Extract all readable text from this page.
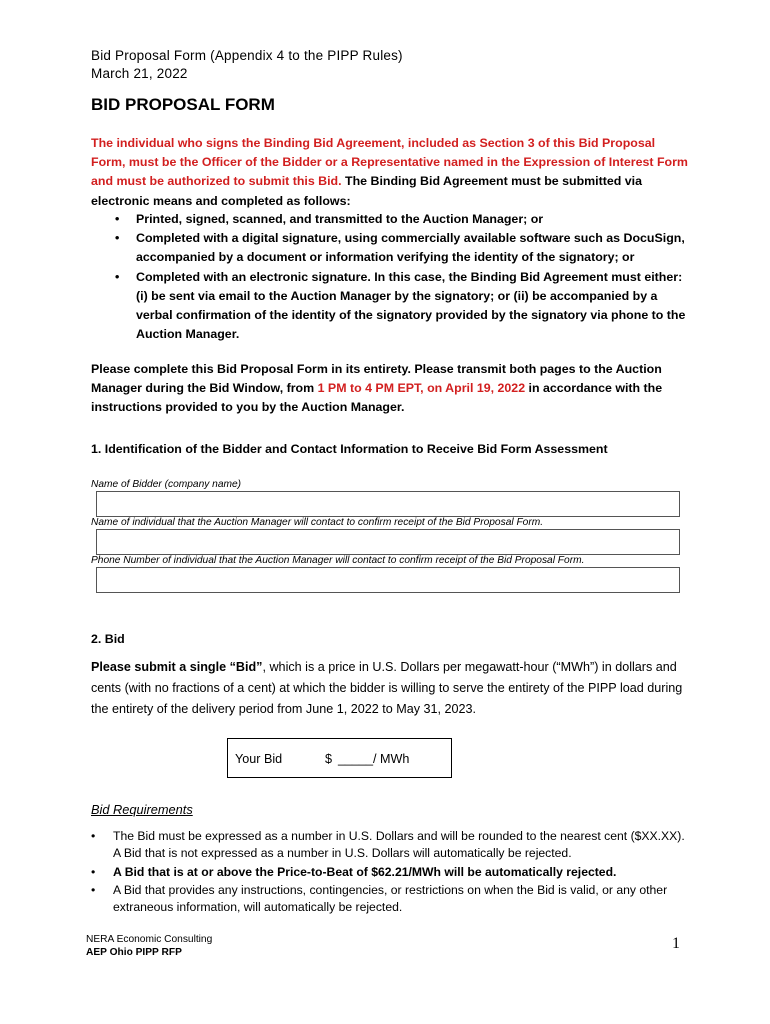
Bid Proposal Form (Appendix 4 to the PIPP Rules)
March 21, 2022
BID PROPOSAL FORM
The individual who signs the Binding Bid Agreement, included as Section 3 of this Bid Proposal Form, must be the Officer of the Bidder or a Representative named in the Expression of Interest Form and must be authorized to submit this Bid. The Binding Bid Agreement must be submitted via electronic means and completed as follows:
•	Printed, signed, scanned, and transmitted to the Auction Manager; or
•	Completed with a digital signature, using commercially available software such as DocuSign, accompanied by a document or information verifying the identity of the signatory; or
•	Completed with an electronic signature. In this case, the Binding Bid Agreement must either: (i) be sent via email to the Auction Manager by the signatory; or (ii) be accompanied by a verbal confirmation of the identity of the signatory provided by the signatory via phone to the Auction Manager.
Please complete this Bid Proposal Form in its entirety. Please transmit both pages to the Auction Manager during the Bid Window, from 1 PM to 4 PM EPT, on April 19, 2022 in accordance with the instructions provided to you by the Auction Manager.
1. Identification of the Bidder and Contact Information to Receive Bid Form Assessment
Name of Bidder (company name)
Name of individual that the Auction Manager will contact to confirm receipt of the Bid Proposal Form.
Phone Number of individual that the Auction Manager will contact to confirm receipt of the Bid Proposal Form.
2. Bid
Please submit a single “Bid”, which is a price in U.S. Dollars per megawatt-hour (“MWh”) in dollars and cents (with no fractions of a cent) at which the bidder is willing to serve the entirety of the PIPP load during the entirety of the delivery period from June 1, 2022 to May 31, 2023.
Your Bid	$ _____ / MWh
Bid Requirements
•	The Bid must be expressed as a number in U.S. Dollars and will be rounded to the nearest cent ($XX.XX). A Bid that is not expressed as a number in U.S. Dollars will automatically be rejected.
•	A Bid that is at or above the Price-to-Beat of $62.21/MWh will be automatically rejected.
•	A Bid that provides any instructions, contingencies, or restrictions on when the Bid is valid, or any other extraneous information, will automatically be rejected.
NERA Economic Consulting
AEP Ohio PIPP RFP
1
